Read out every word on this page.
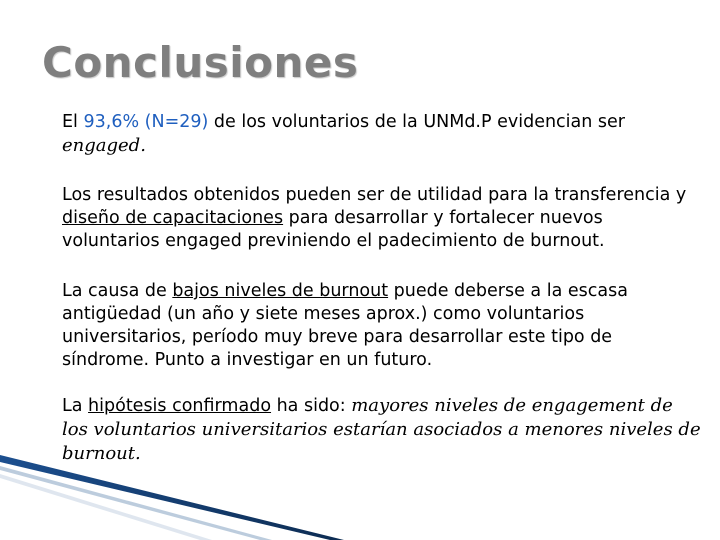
Conclusiones
El 93,6% (N=29) de los voluntarios de la UNMd.P evidencian ser
engaged.
Los resultados obtenidos pueden ser de utilidad para la transferencia y diseño de capacitaciones para desarrollar y fortalecer nuevos voluntarios engaged previniendo el padecimiento de burnout.
La causa de bajos niveles de burnout puede deberse a la escasa antigüedad (un año y siete meses aprox.) como voluntarios universitarios, período muy breve para desarrollar este tipo de síndrome. Punto a investigar en un futuro.
La hipótesis confirmado ha sido: mayores niveles de engagement de los voluntarios universitarios estarían asociados a menores niveles de burnout.
